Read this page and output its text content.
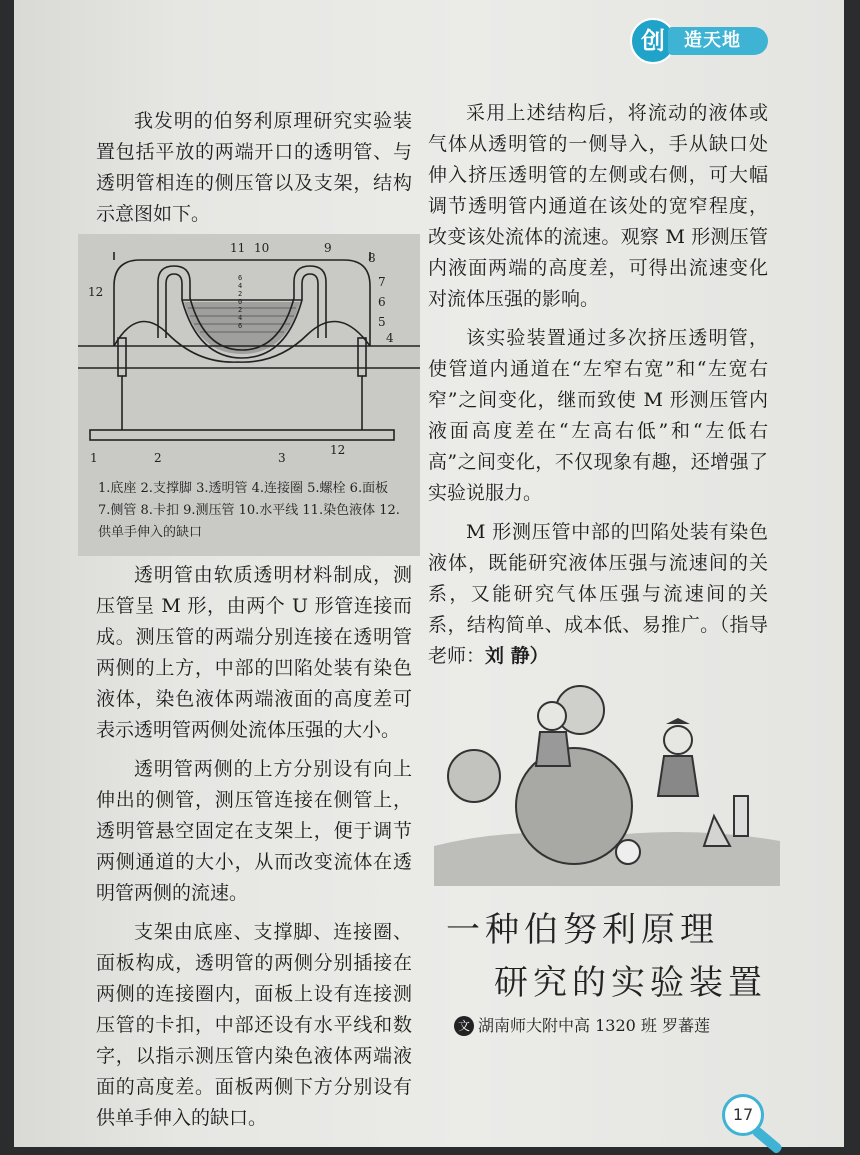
创	造天地

我发明的伯努利原理研究实验装置包括平放的两端开口的透明管、与透明管相连的侧压管以及支架，结构示意图如下。

1	2	3
4
5
6
7
8
9
10
11
12
12
6
4
2
0
2
4
6
1.底座 2.支撑脚 3.透明管 4.连接圈 5.螺栓 6.面板 7.侧管 8.卡扣 9.测压管 10.水平线 11.染色液体 12.供单手伸入的缺口

透明管由软质透明材料制成，测压管呈 M 形，由两个 U 形管连接而成。测压管的两端分别连接在透明管两侧的上方，中部的凹陷处装有染色液体，染色液体两端液面的高度差可表示透明管两侧处流体压强的大小。

透明管两侧的上方分别设有向上伸出的侧管，测压管连接在侧管上，透明管悬空固定在支架上，便于调节两侧通道的大小，从而改变流体在透明管两侧的流速。

支架由底座、支撑脚、连接圈、面板构成，透明管的两侧分别插接在两侧的连接圈内，面板上设有连接测压管的卡扣，中部还设有水平线和数字，以指示测压管内染色液体两端液面的高度差。面板两侧下方分别设有供单手伸入的缺口。

采用上述结构后，将流动的液体或气体从透明管的一侧导入，手从缺口处伸入挤压透明管的左侧或右侧，可大幅调节透明管内通道在该处的宽窄程度，改变该处流体的流速。观察 M 形测压管内液面两端的高度差，可得出流速变化对流体压强的影响。

该实验装置通过多次挤压透明管，使管道内通道在“左窄右宽”和“左宽右窄”之间变化，继而致使 M 形测压管内液面高度差在“左高右低”和“左低右高”之间变化，不仅现象有趣，还增强了实验说服力。

M 形测压管中部的凹陷处装有染色液体，既能研究液体压强与流速间的关系，又能研究气体压强与流速间的关系，结构简单、成本低、易推广。（指导老师：刘 静）

一种伯努利原理
研究的实验装置
文 湖南师大附中高 1320 班 罗蕃莲
17
